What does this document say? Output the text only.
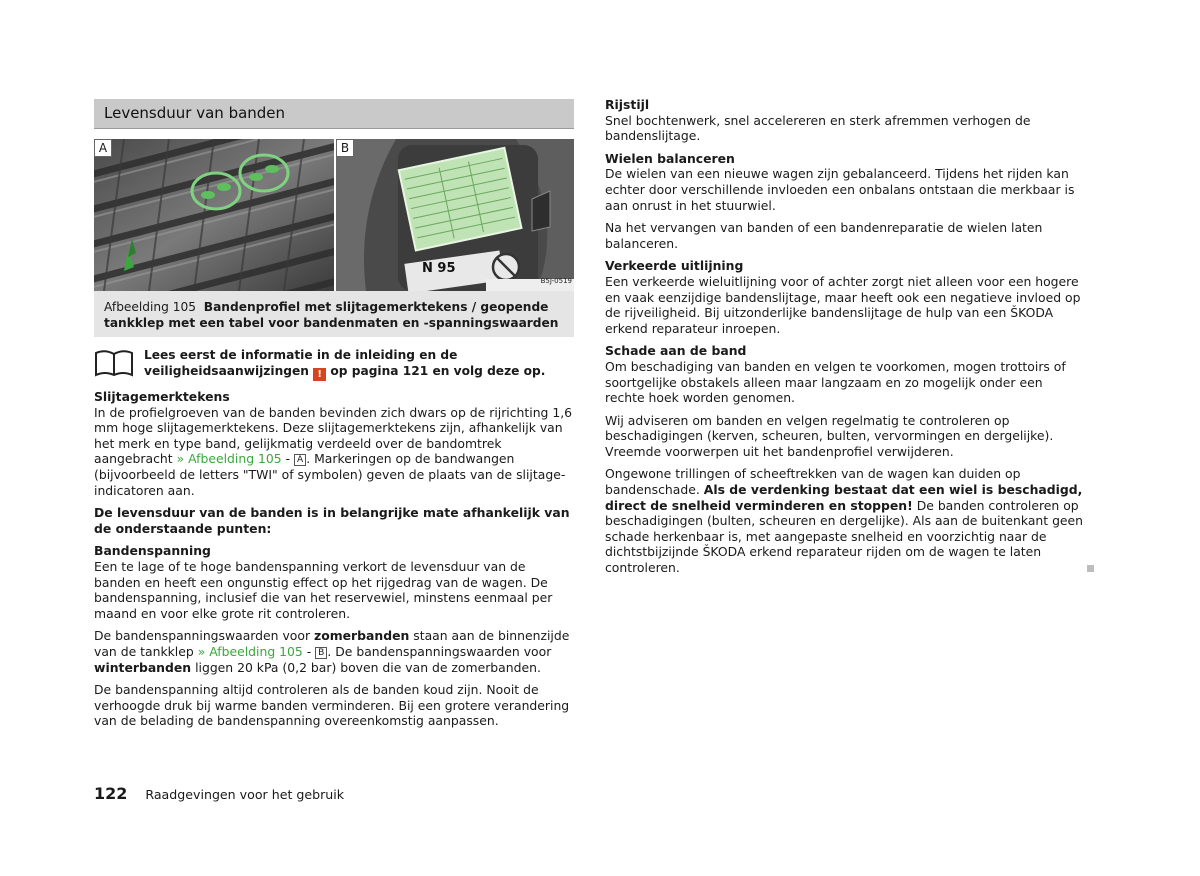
Levensduur van banden
A
N 95
B5J-0519
B
Afbeelding 105 Bandenprofiel met slijtagemerktekens / geopende tankklep met een tabel voor bandenmaten en -spanningswaarden
Lees eerst de informatie in de inleiding en de veiligheidsaanwijzingen ! op pagina 121 en volg deze op.
Slijtagemerktekens

In de profielgroeven van de banden bevinden zich dwars op de rijrichting 1,6 mm hoge slijtagemerktekens. Deze slijtagemerktekens zijn, afhankelijk van het merk en type band, gelijkmatig verdeeld over de bandomtrek aangebracht » Afbeelding 105 - A . Markeringen op de bandwangen (bijvoorbeeld de letters "TWI" of symbolen) geven de plaats van de slijtage-indicatoren aan.

De levensduur van de banden is in belangrijke mate afhankelijk van de onderstaande punten:

Bandenspanning

Een te lage of te hoge bandenspanning verkort de levensduur van de banden en heeft een ongunstig effect op het rijgedrag van de wagen. De bandenspanning, inclusief die van het reservewiel, minstens eenmaal per maand en voor elke grote rit controleren.

De bandenspanningswaarden voor zomerbanden staan aan de binnenzijde van de tankklep » Afbeelding 105 - B . De bandenspanningswaarden voor winterbanden liggen 20 kPa (0,2 bar) boven die van de zomerbanden.

De bandenspanning altijd controleren als de banden koud zijn. Nooit de verhoogde druk bij warme banden verminderen. Bij een grotere verandering van de belading de bandenspanning overeenkomstig aanpassen.

Rijstijl

Snel bochtenwerk, snel accelereren en sterk afremmen verhogen de bandenslijtage.

Wielen balanceren

De wielen van een nieuwe wagen zijn gebalanceerd. Tijdens het rijden kan echter door verschillende invloeden een onbalans ontstaan die merkbaar is aan onrust in het stuurwiel.

Na het vervangen van banden of een bandenreparatie de wielen laten balanceren.

Verkeerde uitlijning

Een verkeerde wieluitlijning voor of achter zorgt niet alleen voor een hogere en vaak eenzijdige bandenslijtage, maar heeft ook een negatieve invloed op de rijveiligheid. Bij uitzonderlijke bandenslijtage de hulp van een ŠKODA erkend reparateur inroepen.

Schade aan de band

Om beschadiging van banden en velgen te voorkomen, mogen trottoirs of soortgelijke obstakels alleen maar langzaam en zo mogelijk onder een rechte hoek worden genomen.

Wij adviseren om banden en velgen regelmatig te controleren op beschadigingen (kerven, scheuren, bulten, vervormingen en dergelijke). Vreemde voorwerpen uit het bandenprofiel verwijderen.

Ongewone trillingen of scheeftrekken van de wagen kan duiden op bandenschade. Als de verdenking bestaat dat een wiel is beschadigd, direct de snelheid verminderen en stoppen! De banden controleren op beschadigingen (bulten, scheuren en dergelijke). Als aan de buitenkant geen schade herkenbaar is, met aangepaste snelheid en voorzichtig naar de dichtstbijzijnde ŠKODA erkend reparateur rijden om de wagen te laten controleren.

122 Raadgevingen voor het gebruik
